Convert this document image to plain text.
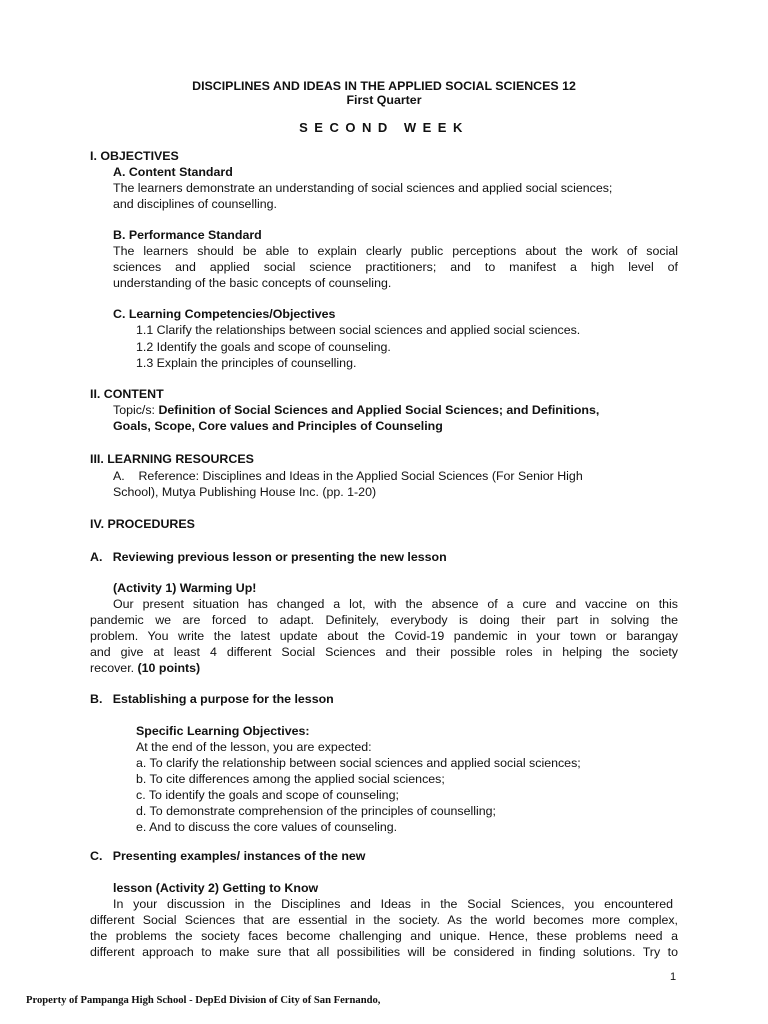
DISCIPLINES AND IDEAS IN THE APPLIED SOCIAL SCIENCES 12
First Quarter
SECOND WEEK
I. OBJECTIVES
A. Content Standard
The learners demonstrate an understanding of social sciences and applied social sciences;
and disciplines of counselling.
B. Performance Standard
The learners should be able to explain clearly public perceptions about the work of social
sciences and applied social science practitioners; and to manifest a high level of
understanding of the basic concepts of counseling.
C. Learning Competencies/Objectives
1.1 Clarify the relationships between social sciences and applied social sciences.
1.2 Identify the goals and scope of counseling.
1.3 Explain the principles of counselling.
II. CONTENT
Topic/s: Definition of Social Sciences and Applied Social Sciences; and Definitions,
Goals, Scope, Core values and Principles of Counseling
III. LEARNING RESOURCES
A.    Reference: Disciplines and Ideas in the Applied Social Sciences (For Senior High
School), Mutya Publishing House Inc. (pp. 1-20)
IV. PROCEDURES
A.   Reviewing previous lesson or presenting the new lesson
(Activity 1) Warming Up!
Our present situation has changed a lot, with the absence of a cure and vaccine on this
pandemic we are forced to adapt. Definitely, everybody is doing their part in solving the
problem. You write the latest update about the Covid-19 pandemic in your town or barangay
and give at least 4 different Social Sciences and their possible roles in helping the society
recover. (10 points)
B.   Establishing a purpose for the lesson
Specific Learning Objectives:
At the end of the lesson, you are expected:
a. To clarify the relationship between social sciences and applied social sciences;
b. To cite differences among the applied social sciences;
c. To identify the goals and scope of counseling;
d. To demonstrate comprehension of the principles of counselling;
e. And to discuss the core values of counseling.
C.   Presenting examples/ instances of the new
lesson (Activity 2) Getting to Know
In your discussion in the Disciplines and Ideas in the Social Sciences, you encountered
different Social Sciences that are essential in the society. As the world becomes more complex,
the problems the society faces become challenging and unique. Hence, these problems need a
different approach to make sure that all possibilities will be considered in finding solutions. Try to
1
Property of Pampanga High School - DepEd Division of City of San Fernando,
